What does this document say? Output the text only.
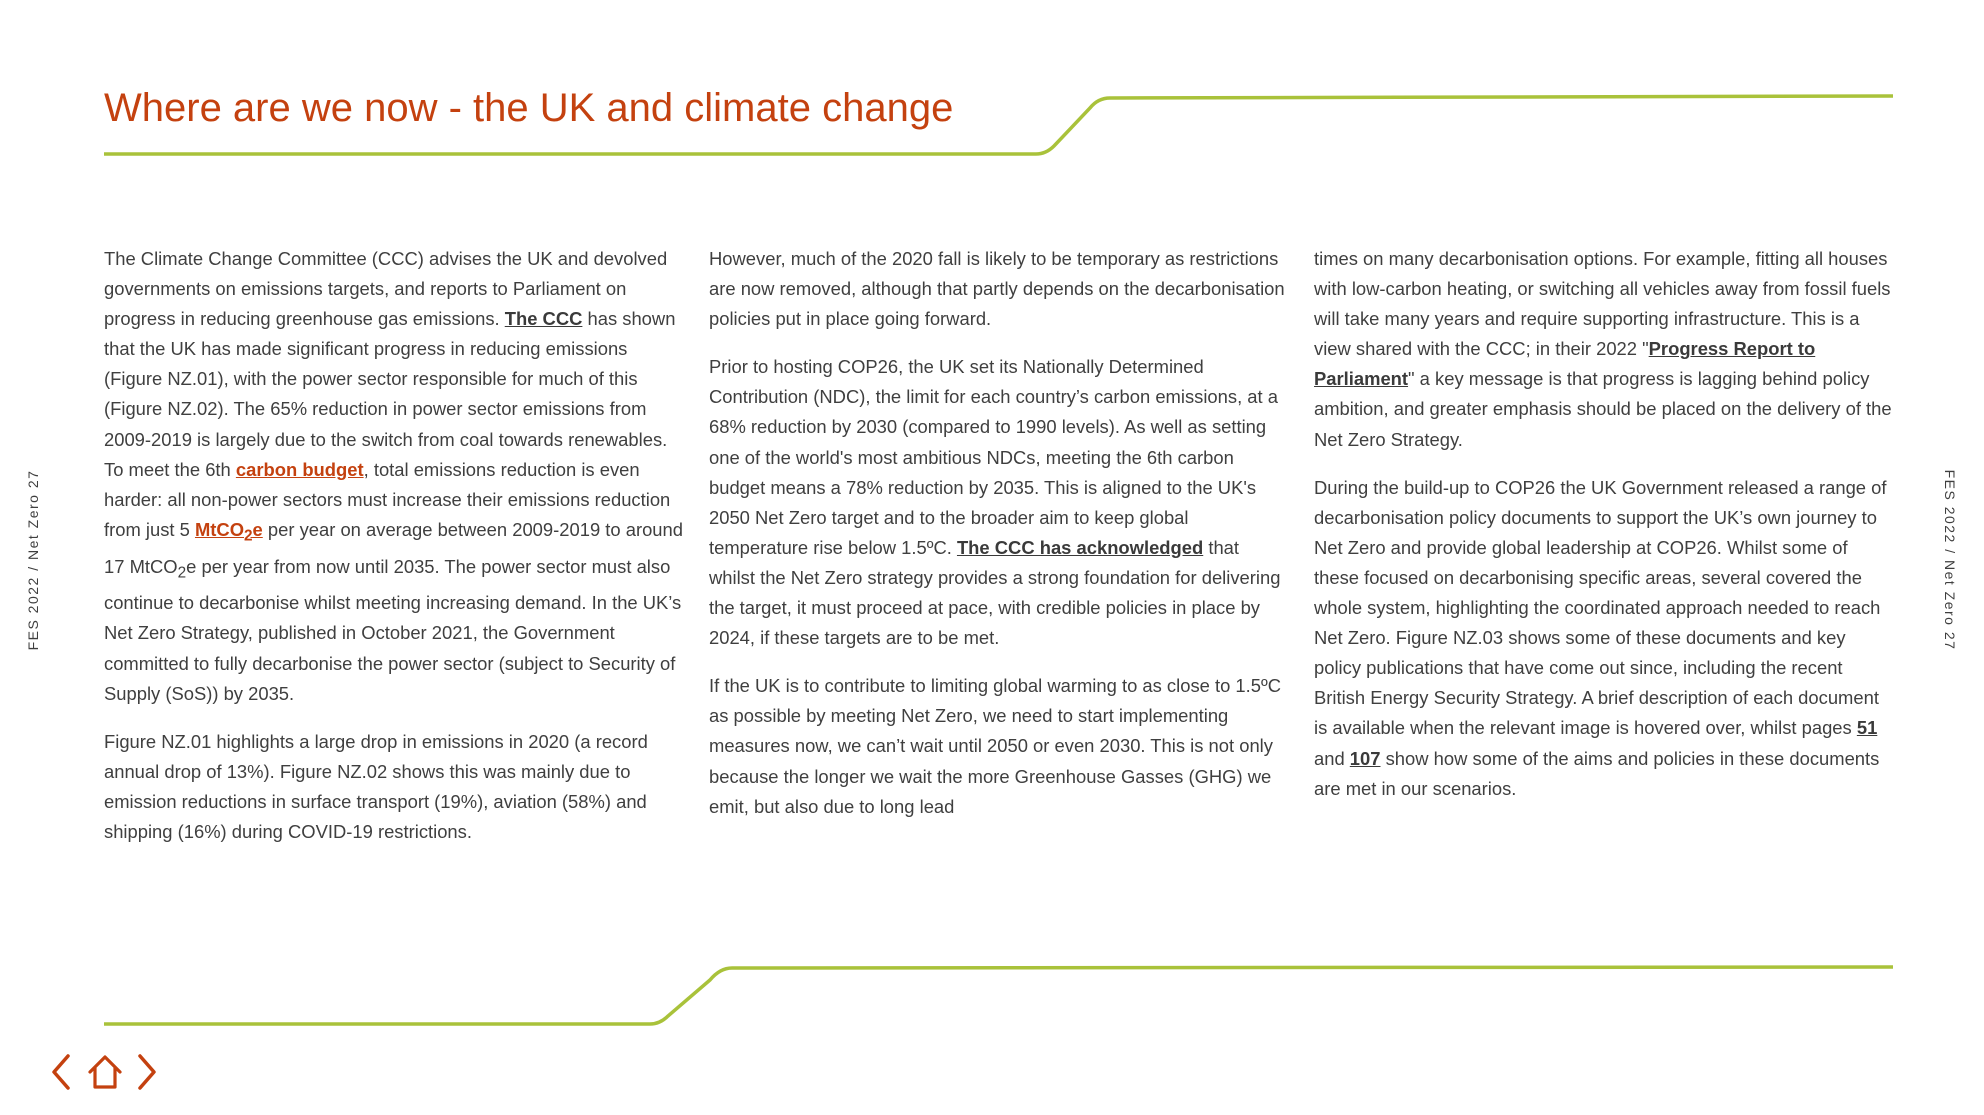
Where are we now - the UK and climate change
FES 2022 / Net Zero 27	FES 2022 / Net Zero 27

The Climate Change Committee (CCC) advises the UK and devolved governments on emissions targets, and reports to Parliament on progress in reducing greenhouse gas emissions. The CCC has shown that the UK has made significant progress in reducing emissions (Figure NZ.01), with the power sector responsible for much of this (Figure NZ.02). The 65% reduction in power sector emissions from 2009-2019 is largely due to the switch from coal towards renewables. To meet the 6th carbon budget, total emissions reduction is even harder: all non-power sectors must increase their emissions reduction from just 5 MtCO$_2$e per year on average between 2009-2019 to around 17 MtCO$_2$e per year from now until 2035. The power sector must also continue to decarbonise whilst meeting increasing demand. In the UK’s Net Zero Strategy, published in October 2021, the Government committed to fully decarbonise the power sector (subject to Security of Supply (SoS)) by 2035.

Figure NZ.01 highlights a large drop in emissions in 2020 (a record annual drop of 13%). Figure NZ.02 shows this was mainly due to emission reductions in surface transport (19%), aviation (58%) and shipping (16%) during COVID-19 restrictions.

However, much of the 2020 fall is likely to be temporary as restrictions are now removed, although that partly depends on the decarbonisation policies put in place going forward.

Prior to hosting COP26, the UK set its Nationally Determined Contribution (NDC), the limit for each country’s carbon emissions, at a 68% reduction by 2030 (compared to 1990 levels). As well as setting one of the world's most ambitious NDCs, meeting the 6th carbon budget means a 78% reduction by 2035. This is aligned to the UK's 2050 Net Zero target and to the broader aim to keep global temperature rise below 1.5ºC. The CCC has acknowledged that whilst the Net Zero strategy provides a strong foundation for delivering the target, it must proceed at pace, with credible policies in place by 2024, if these targets are to be met.

If the UK is to contribute to limiting global warming to as close to 1.5ºC as possible by meeting Net Zero, we need to start implementing measures now, we can’t wait until 2050 or even 2030. This is not only because the longer we wait the more Greenhouse Gasses (GHG) we emit, but also due to long lead

times on many decarbonisation options. For example, fitting all houses with low-carbon heating, or switching all vehicles away from fossil fuels will take many years and require supporting infrastructure. This is a view shared with the CCC; in their 2022 "Progress Report to Parliament" a key message is that progress is lagging behind policy ambition, and greater emphasis should be placed on the delivery of the Net Zero Strategy.

During the build-up to COP26 the UK Government released a range of decarbonisation policy documents to support the UK’s own journey to Net Zero and provide global leadership at COP26. Whilst some of these focused on decarbonising specific areas, several covered the whole system, highlighting the coordinated approach needed to reach Net Zero. Figure NZ.03 shows some of these documents and key policy publications that have come out since, including the recent British Energy Security Strategy. A brief description of each document is available when the relevant image is hovered over, whilst pages 51 and 107 show how some of the aims and policies in these documents are met in our scenarios.
